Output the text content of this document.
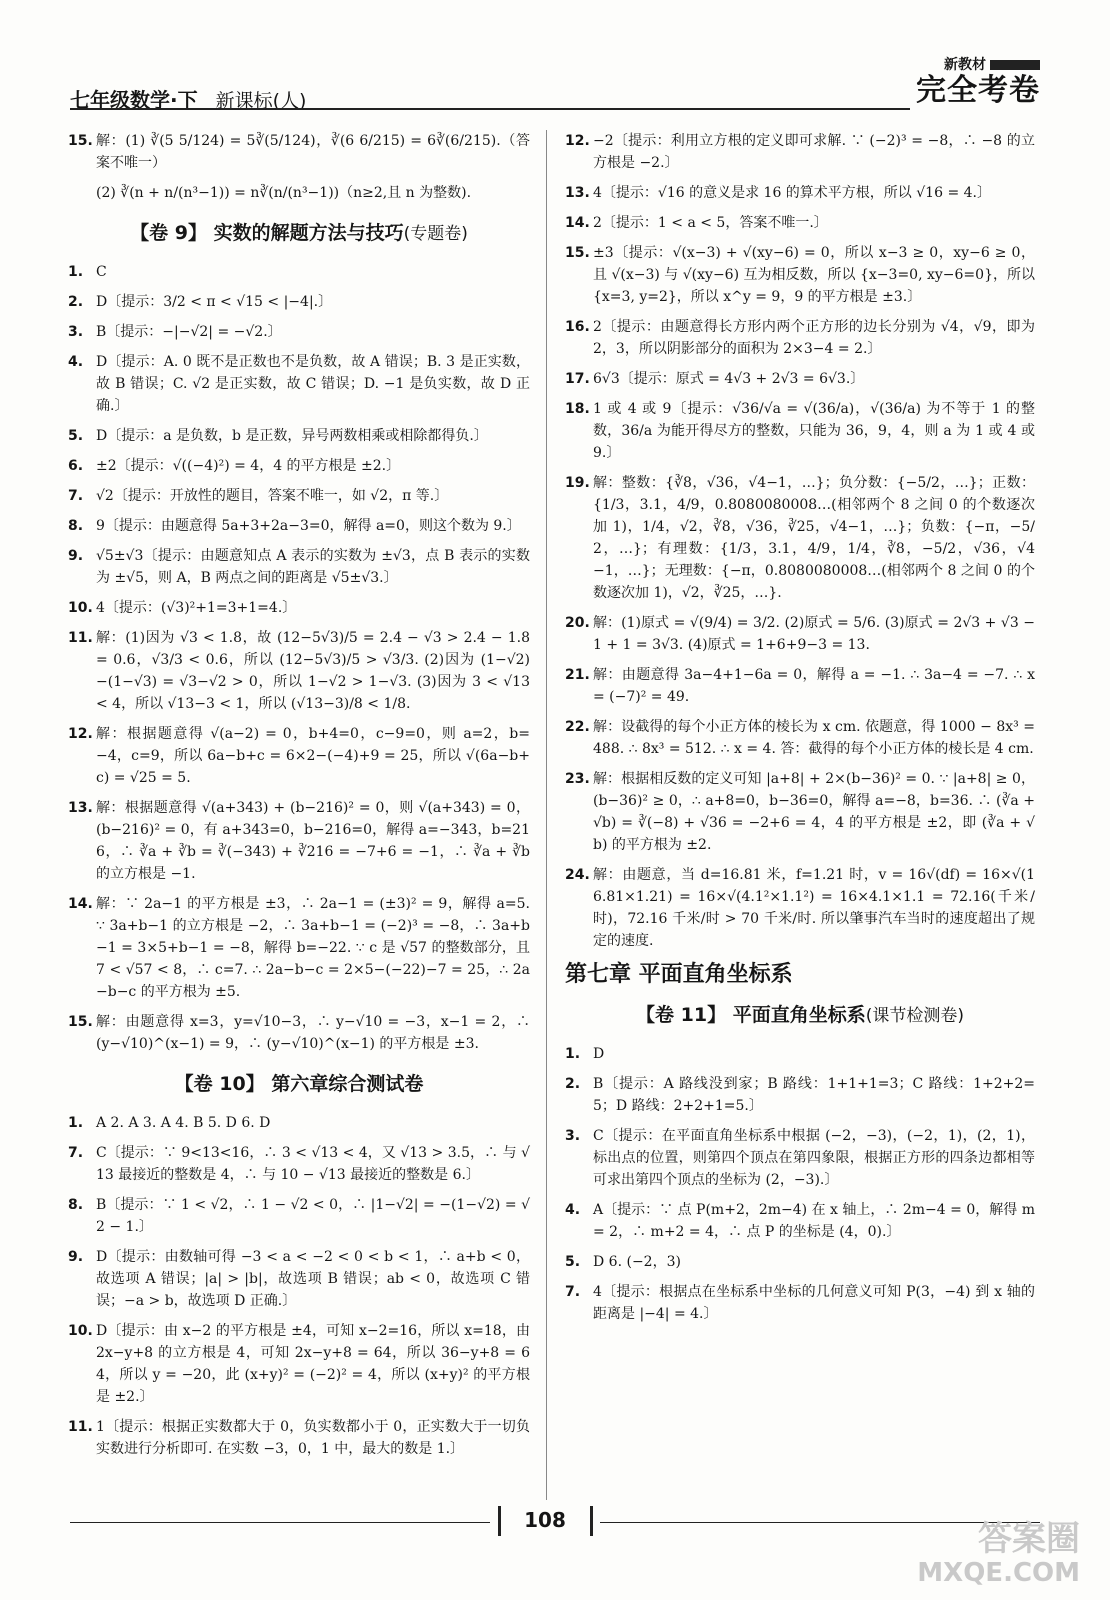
七年级数学·下 新课标(人)
新教材
完全考卷
15. 解：(1) ∛(5 5/124) = 5∛(5/124)，∛(6 6/215) = 6∛(6/215).（答案不唯一）
(2) ∛(n + n/(n³−1)) = n∛(n/(n³−1))（n≥2,且 n 为整数).
【卷 9】 实数的解题方法与技巧(专题卷)
1. C
2. D〔提示：3/2 < π < √15 < |−4|.〕
3. B〔提示：−|−√2| = −√2.〕
4. D〔提示：A. 0 既不是正数也不是负数，故 A 错误；B. 3 是正实数，故 B 错误；C. √2 是正实数，故 C 错误；D. −1 是负实数，故 D 正确.〕
5. D〔提示：a 是负数，b 是正数，异号两数相乘或相除都得负.〕
6. ±2〔提示：√((−4)²) = 4，4 的平方根是 ±2.〕
7. √2〔提示：开放性的题目，答案不唯一，如 √2，π 等.〕
8. 9〔提示：由题意得 5a+3+2a−3=0，解得 a=0，则这个数为 9.〕
9. √5±√3〔提示：由题意知点 A 表示的实数为 ±√3，点 B 表示的实数为 ±√5，则 A，B 两点之间的距离是 √5±√3.〕
10. 4〔提示：(√3)²+1=3+1=4.〕
11. 解：(1)因为 √3 < 1.8，故 (12−5√3)/5 = 2.4 − √3 > 2.4 − 1.8 = 0.6，√3/3 < 0.6，所以 (12−5√3)/5 > √3/3. (2)因为 (1−√2)−(1−√3) = √3−√2 > 0，所以 1−√2 > 1−√3. (3)因为 3 < √13 < 4，所以 √13−3 < 1，所以 (√13−3)/8 < 1/8.
12. 解：根据题意得 √(a−2) = 0，b+4=0，c−9=0，则 a=2，b=−4，c=9，所以 6a−b+c = 6×2−(−4)+9 = 25，所以 √(6a−b+c) = √25 = 5.
13. 解：根据题意得 √(a+343) + (b−216)² = 0，则 √(a+343) = 0，(b−216)² = 0，有 a+343=0，b−216=0，解得 a=−343，b=216，∴ ∛a + ∛b = ∛(−343) + ∛216 = −7+6 = −1，∴ ∛a + ∛b 的立方根是 −1.
14. 解：∵ 2a−1 的平方根是 ±3，∴ 2a−1 = (±3)² = 9，解得 a=5. ∵ 3a+b−1 的立方根是 −2，∴ 3a+b−1 = (−2)³ = −8，∴ 3a+b−1 = 3×5+b−1 = −8，解得 b=−22. ∵ c 是 √57 的整数部分，且 7 < √57 < 8，∴ c=7. ∴ 2a−b−c = 2×5−(−22)−7 = 25，∴ 2a−b−c 的平方根为 ±5.
15. 解：由题意得 x=3，y=√10−3，∴ y−√10 = −3，x−1 = 2，∴ (y−√10)^(x−1) = 9，∴ (y−√10)^(x−1) 的平方根是 ±3.
【卷 10】 第六章综合测试卷
1. A 2. A 3. A 4. B 5. D 6. D
7. C〔提示：∵ 9<13<16，∴ 3 < √13 < 4，又 √13 > 3.5，∴ 与 √13 最接近的整数是 4，∴ 与 10 − √13 最接近的整数是 6.〕
8. B〔提示：∵ 1 < √2，∴ 1 − √2 < 0，∴ |1−√2| = −(1−√2) = √2 − 1.〕
9. D〔提示：由数轴可得 −3 < a < −2 < 0 < b < 1，∴ a+b < 0，故选项 A 错误；|a| > |b|，故选项 B 错误；ab < 0，故选项 C 错误；−a > b，故选项 D 正确.〕
10. D〔提示：由 x−2 的平方根是 ±4，可知 x−2=16，所以 x=18，由 2x−y+8 的立方根是 4，可知 2x−y+8 = 64，所以 36−y+8 = 64，所以 y = −20，此 (x+y)² = (−2)² = 4，所以 (x+y)² 的平方根是 ±2.〕
11. 1〔提示：根据正实数都大于 0，负实数都小于 0，正实数大于一切负实数进行分析即可. 在实数 −3，0，1 中，最大的数是 1.〕
12. −2〔提示：利用立方根的定义即可求解. ∵ (−2)³ = −8，∴ −8 的立方根是 −2.〕
13. 4〔提示：√16 的意义是求 16 的算术平方根，所以 √16 = 4.〕
14. 2〔提示：1 < a < 5，答案不唯一.〕
15. ±3〔提示：√(x−3) + √(xy−6) = 0，所以 x−3 ≥ 0，xy−6 ≥ 0，且 √(x−3) 与 √(xy−6) 互为相反数，所以 {x−3=0, xy−6=0}，所以 {x=3, y=2}，所以 x^y = 9，9 的平方根是 ±3.〕
16. 2〔提示：由题意得长方形内两个正方形的边长分别为 √4，√9，即为 2，3，所以阴影部分的面积为 2×3−4 = 2.〕
17. 6√3〔提示：原式 = 4√3 + 2√3 = 6√3.〕
18. 1 或 4 或 9〔提示：√36/√a = √(36/a)，√(36/a) 为不等于 1 的整数，36/a 为能开得尽方的整数，只能为 36，9，4，则 a 为 1 或 4 或 9.〕
19. 解：整数：{∛8，√36，√4−1，…}；负分数：{−5/2，…}；正数：{1/3，3.1，4/9，0.8080080008…(相邻两个 8 之间 0 的个数逐次加 1)，1/4，√2，∛8，√36，∛25，√4−1，…}；负数：{−π，−5/2，…}；有理数：{1/3，3.1，4/9，1/4，∛8，−5/2，√36，√4−1，…}；无理数：{−π，0.8080080008…(相邻两个 8 之间 0 的个数逐次加 1)，√2，∛25，…}.
20. 解：(1)原式 = √(9/4) = 3/2. (2)原式 = 5/6. (3)原式 = 2√3 + √3 − 1 + 1 = 3√3. (4)原式 = 1+6+9−3 = 13.
21. 解：由题意得 3a−4+1−6a = 0，解得 a = −1. ∴ 3a−4 = −7. ∴ x = (−7)² = 49.
22. 解：设截得的每个小正方体的棱长为 x cm. 依题意，得 1000 − 8x³ = 488. ∴ 8x³ = 512. ∴ x = 4. 答：截得的每个小正方体的棱长是 4 cm.
23. 解：根据相反数的定义可知 |a+8| + 2×(b−36)² = 0. ∵ |a+8| ≥ 0，(b−36)² ≥ 0，∴ a+8=0，b−36=0，解得 a=−8，b=36. ∴ (∛a + √b) = ∛(−8) + √36 = −2+6 = 4，4 的平方根是 ±2，即 (∛a + √b) 的平方根为 ±2.
24. 解：由题意，当 d=16.81 米，f=1.21 时，v = 16√(df) = 16×√(16.81×1.21) = 16×√(4.1²×1.1²) = 16×4.1×1.1 = 72.16(千米/时)，72.16 千米/时 > 70 千米/时. 所以肇事汽车当时的速度超出了规定的速度.
第七章 平面直角坐标系
【卷 11】 平面直角坐标系(课节检测卷)
1. D
2. B〔提示：A 路线没到家；B 路线：1+1+1=3；C 路线：1+2+2=5；D 路线：2+2+1=5.〕
3. C〔提示：在平面直角坐标系中根据 (−2，−3)，(−2，1)，(2，1)，标出点的位置，则第四个顶点在第四象限，根据正方形的四条边都相等可求出第四个顶点的坐标为 (2，−3).〕
4. A〔提示：∵ 点 P(m+2，2m−4) 在 x 轴上，∴ 2m−4 = 0，解得 m = 2，∴ m+2 = 4，∴ 点 P 的坐标是 (4，0).〕
5. D 6. (−2，3)
7. 4〔提示：根据点在坐标系中坐标的几何意义可知 P(3，−4) 到 x 轴的距离是 |−4| = 4.〕
108	答案圈
MXQE.COM
